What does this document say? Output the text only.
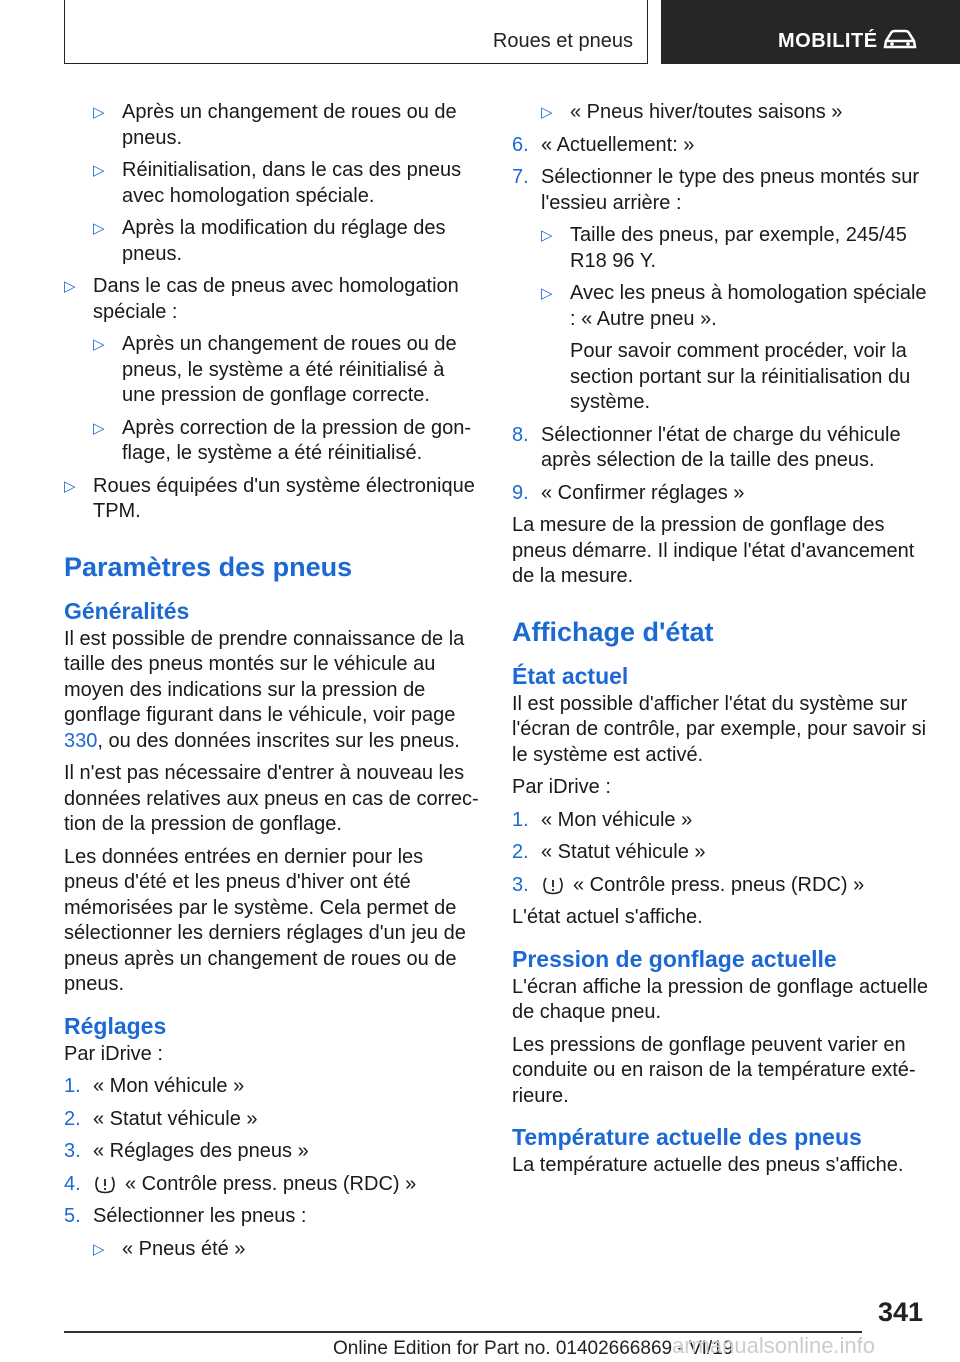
Roues et pneus	MOBILITÉ
▷ Après un changement de roues ou de pneus.
▷ Réinitialisation, dans le cas des pneus avec homologation spéciale.
▷ Après la modification du réglage des pneus.
▷ Dans le cas de pneus avec homologation spéciale :
▷ Après un changement de roues ou de pneus, le système a été réinitialisé à une pression de gonflage correcte.
▷ Après correction de la pression de gonflage, le système a été réinitialisé.
▷ Roues équipées d'un système électronique TPM.
Paramètres des pneus
Généralités
Il est possible de prendre connaissance de la taille des pneus montés sur le véhicule au moyen des indications sur la pression de gonflage figurant dans le véhicule, voir page 330, ou des données inscrites sur les pneus.
Il n'est pas nécessaire d'entrer à nouveau les données relatives aux pneus en cas de correction de la pression de gonflage.
Les données entrées en dernier pour les pneus d'été et les pneus d'hiver ont été mémorisées par le système. Cela permet de sélectionner les derniers réglages d'un jeu de pneus après un changement de roues ou de pneus.
Réglages
Par iDrive :
1. « Mon véhicule »
2. « Statut véhicule »
3. « Réglages des pneus »
4. « Contrôle press. pneus (RDC) »
5. Sélectionner les pneus :
▷ « Pneus été »
▷ « Pneus hiver/toutes saisons »
6. « Actuellement: »
7. Sélectionner le type des pneus montés sur l'essieu arrière :
▷ Taille des pneus, par exemple, 245/45 R18 96 Y.
▷ Avec les pneus à homologation spéciale : « Autre pneu ».
Pour savoir comment procéder, voir la section portant sur la réinitialisation du système.
8. Sélectionner l'état de charge du véhicule après sélection de la taille des pneus.
9. « Confirmer réglages »
La mesure de la pression de gonflage des pneus démarre. Il indique l'état d'avancement de la mesure.
Affichage d'état
État actuel
Il est possible d'afficher l'état du système sur l'écran de contrôle, par exemple, pour savoir si le système est activé.
Par iDrive :
1. « Mon véhicule »
2. « Statut véhicule »
3. « Contrôle press. pneus (RDC) »
L'état actuel s'affiche.
Pression de gonflage actuelle
L'écran affiche la pression de gonflage actuelle de chaque pneu.
Les pressions de gonflage peuvent varier en conduite ou en raison de la température extérieure.
Température actuelle des pneus
La température actuelle des pneus s'affiche.
341
Online Edition for Part no. 01402666869 - VI/19
armanualsonline.info
